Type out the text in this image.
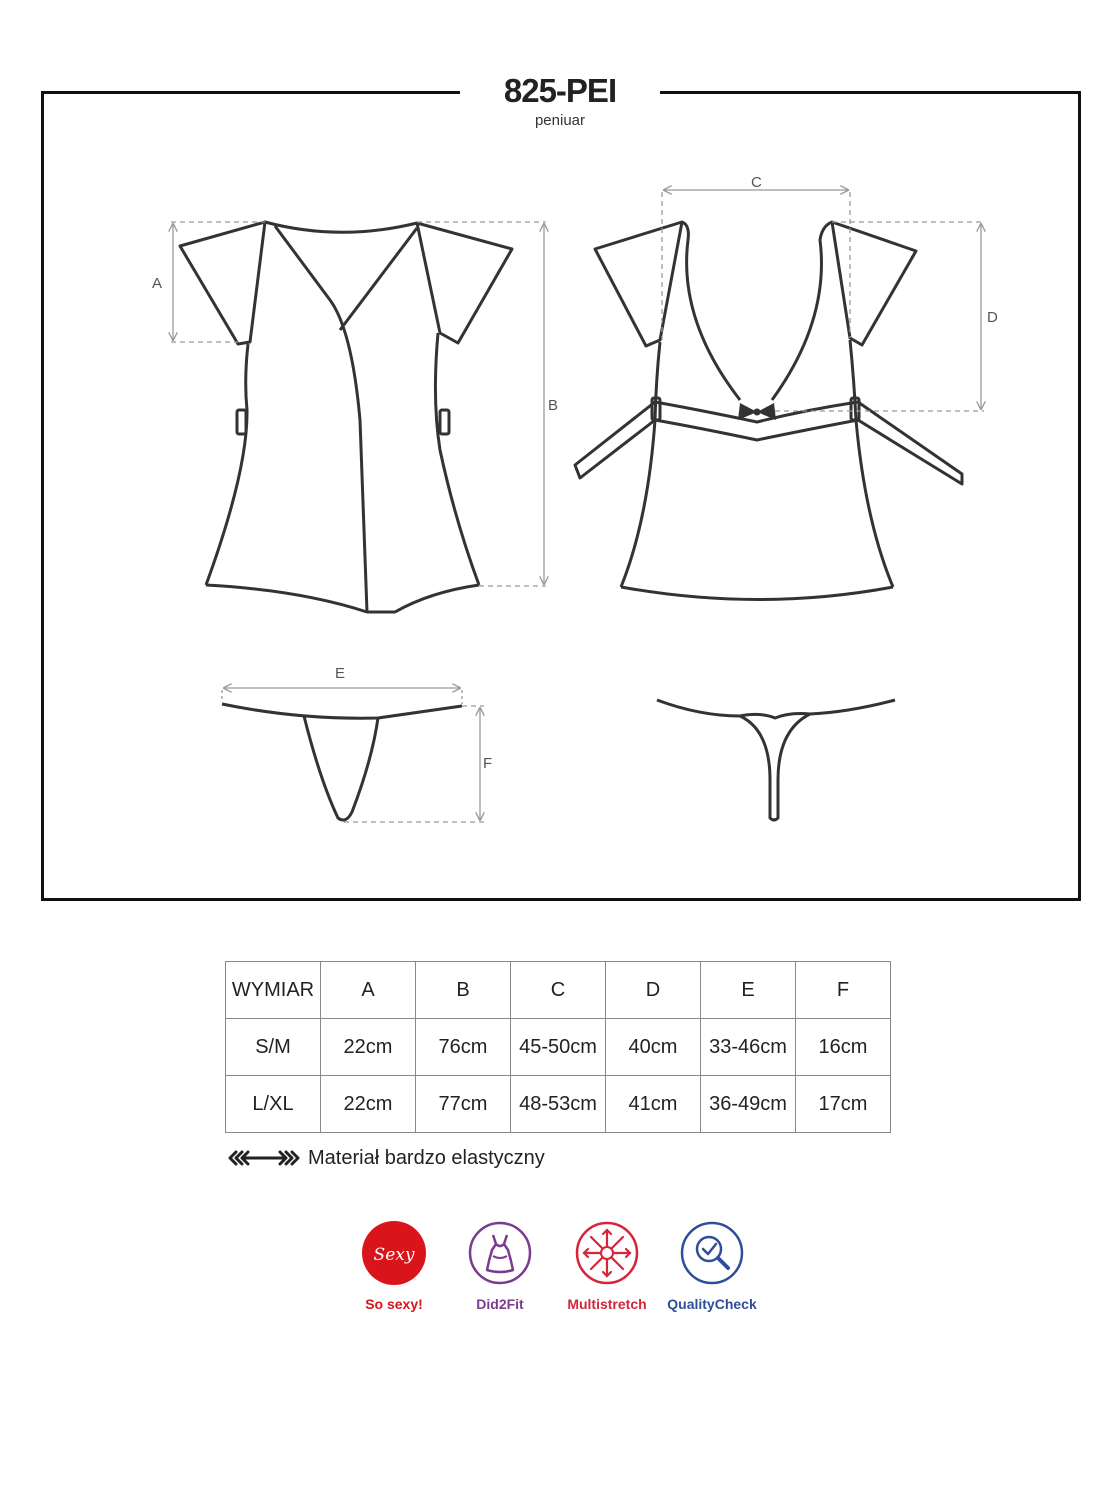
825-PEI
peniuar
A
B
C
D
E
F
WYMIAR	A	B	C	D	E	F
S/M	22cm	76cm	45-50cm	40cm	33-46cm	16cm
L/XL	22cm	77cm	48-53cm	41cm	36-49cm	17cm
Materiał bardzo elastyczny
Sexy
So sexy!	Did2Fit	Multistretch	QualityCheck
